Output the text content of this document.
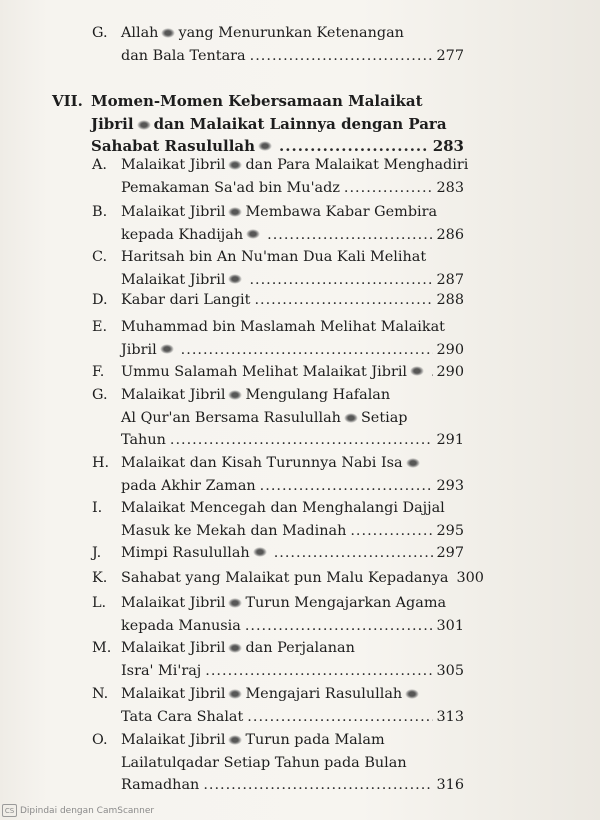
G. Allah yang Menurunkan Ketenangan
dan Bala Tentara .....	277
VII. Momen-Momen Kebersamaan Malaikat
Jibril dan Malaikat Lainnya dengan Para
Sahabat Rasulullah .....	283
A. Malaikat Jibril dan Para Malaikat Menghadiri
Pemakaman Sa'ad bin Mu'adz .....	283
B. Malaikat Jibril Membawa Kabar Gembira
kepada Khadijah .....	286
C. Haritsah bin An Nu'man Dua Kali Melihat
Malaikat Jibril .....	287
D. Kabar dari Langit .....	288
E. Muhammad bin Maslamah Melihat Malaikat
Jibril .....	290
F. Ummu Salamah Melihat Malaikat Jibril ..... 290
G. Malaikat Jibril Mengulang Hafalan
Al Qur'an Bersama Rasulullah Setiap
Tahun .....	291
H. Malaikat dan Kisah Turunnya Nabi Isa
pada Akhir Zaman .....	293
I.	Malaikat Mencegah dan Menghalangi Dajjal
Masuk ke Mekah dan Madinah .....	295
J. Mimpi Rasulullah .....	297
K. Sahabat yang Malaikat pun Malu Kepadanya 300
L.	Malaikat Jibril Turun Mengajarkan Agama
kepada Manusia .....	301
M. Malaikat Jibril dan Perjalanan
Isra' Mi'raj .....	305
N. Malaikat Jibril Mengajari Rasulullah
Tata Cara Shalat .....	313
O. Malaikat Jibril Turun pada Malam
Lailatulqadar Setiap Tahun pada Bulan
Ramadhan .....	316
CS Dipindai dengan CamScanner
